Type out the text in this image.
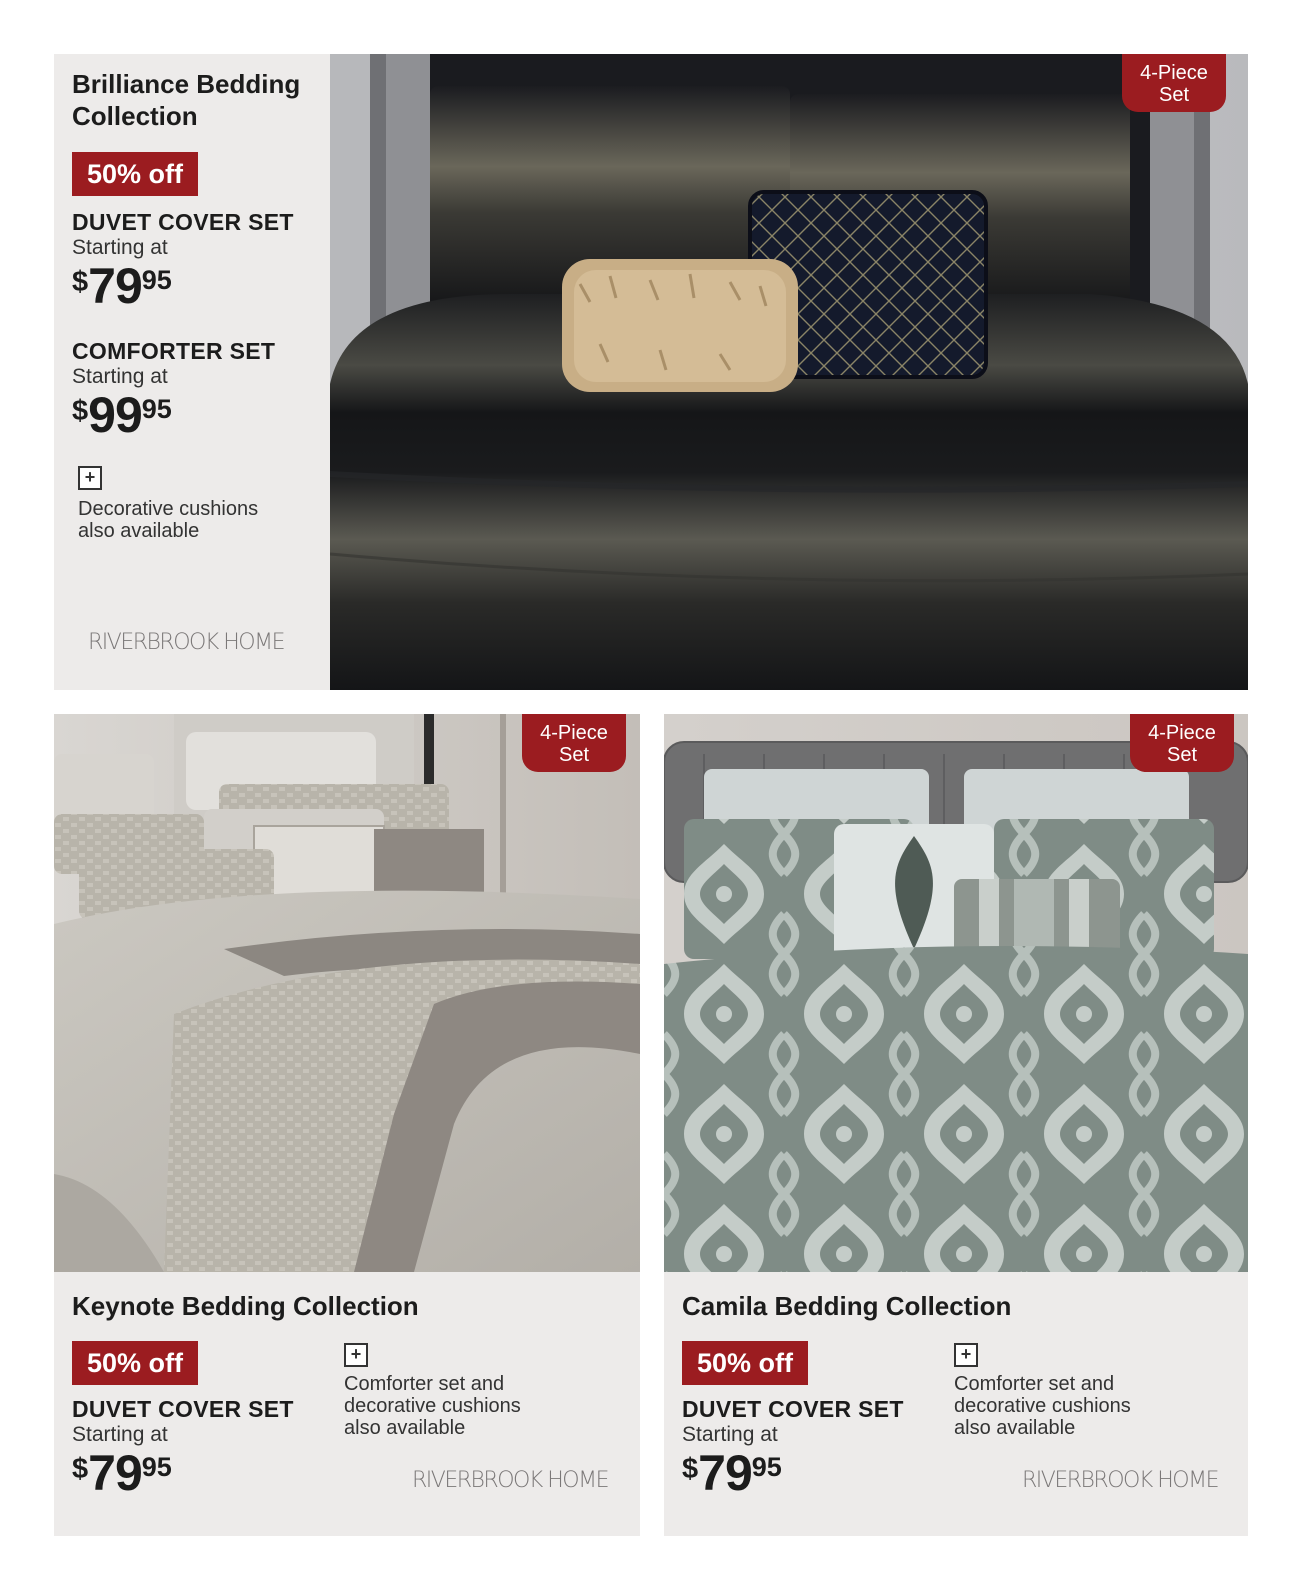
Brilliance Bedding
Collection
50% off
DUVET COVER SET
Starting at
$7995
COMFORTER SET
Starting at
$9995
+
Decorative cushions
also available
RIVERBROOK HOME
4-Piece
Set
4-Piece
Set
Keynote Bedding Collection
50% off
DUVET COVER SET
Starting at
$7995
+
Comforter set and
decorative cushions
also available
RIVERBROOK HOME
4-Piece
Set
Camila Bedding Collection
50% off
DUVET COVER SET
Starting at
$7995
+
Comforter set and
decorative cushions
also available
RIVERBROOK HOME
